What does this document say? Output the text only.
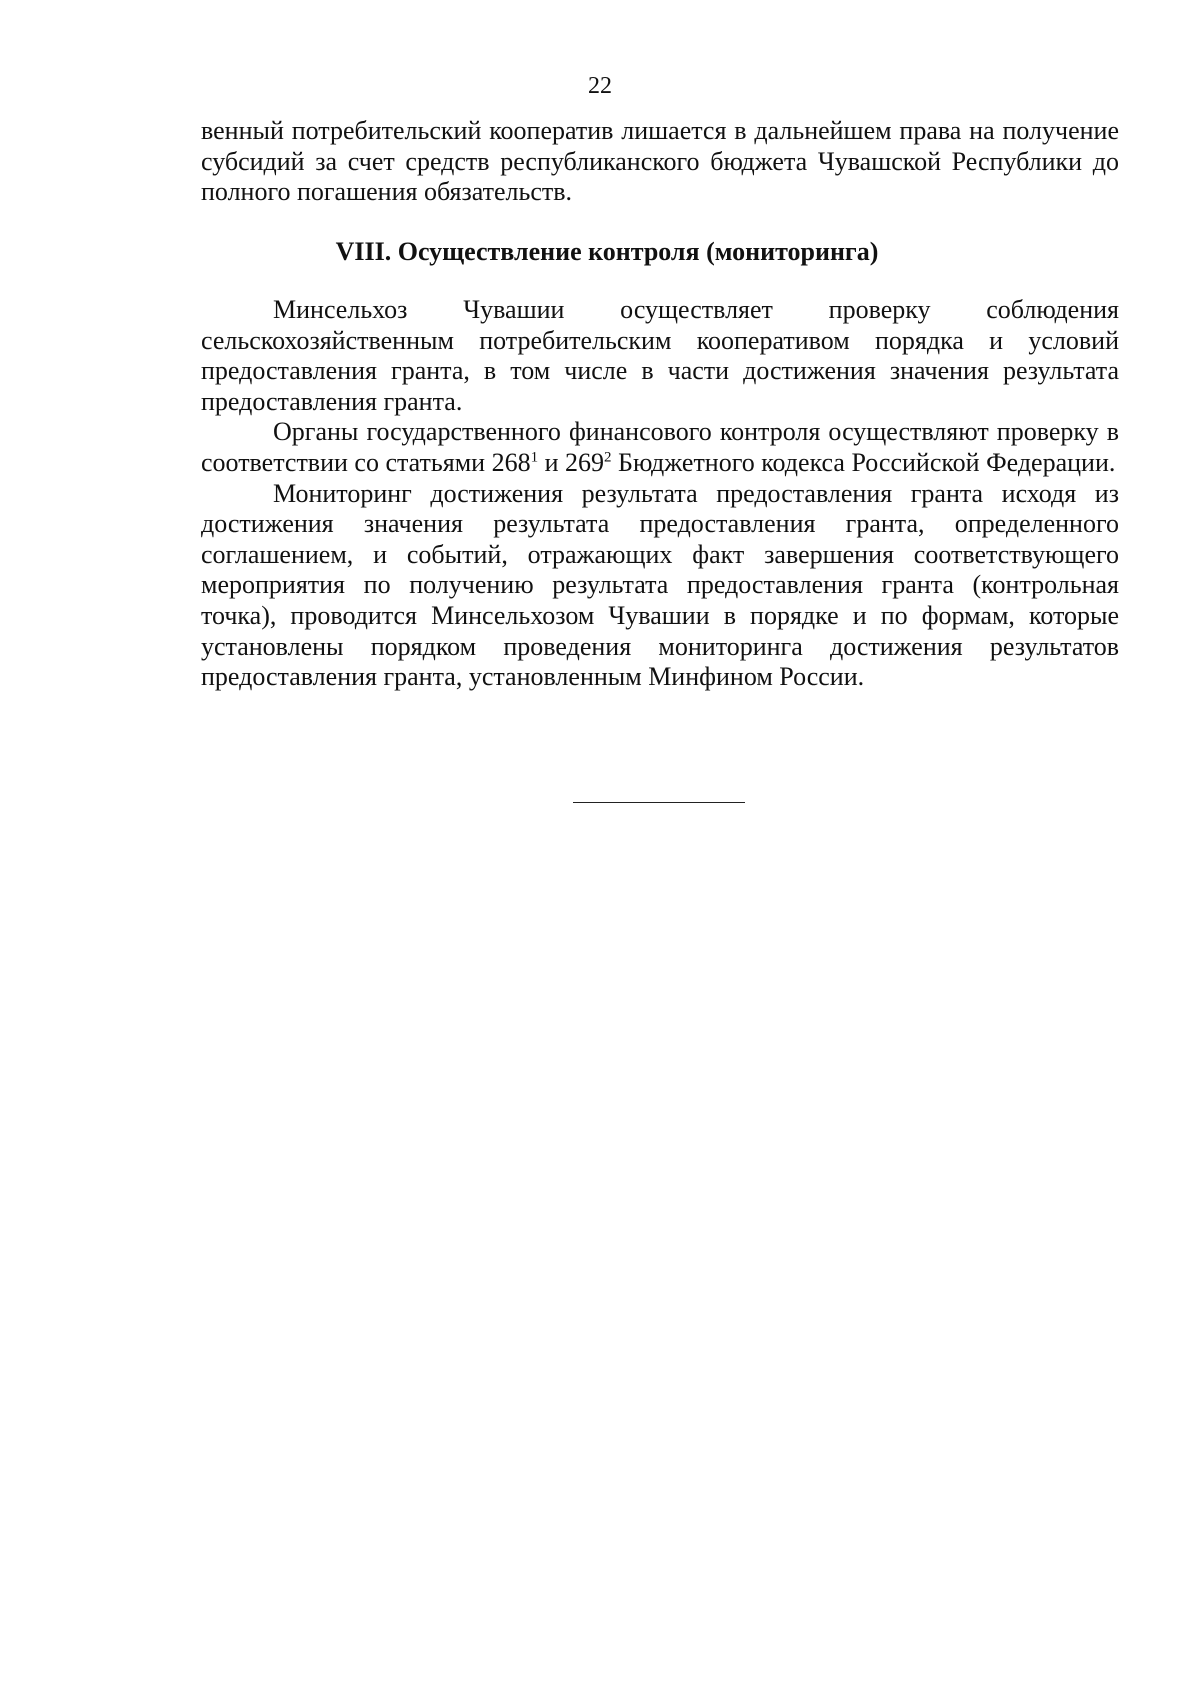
22

венный потребительский кооператив лишается в дальнейшем права на получение субсидий за счет средств республиканского бюджета Чувашской Республики до полного погашения обязательств.

VIII. Осуществление контроля (мониторинга)

Минсельхоз Чувашии осуществляет проверку соблюдения сельскохозяйственным потребительским кооперативом порядка и условий предоставления гранта, в том числе в части достижения значения результата предоставления гранта.

Органы государственного финансового контроля осуществляют проверку в соответствии со статьями $268^1$ и $269^2$ Бюджетного кодекса Российской Федерации.

Мониторинг достижения результата предоставления гранта исходя из достижения значения результата предоставления гранта, определенного соглашением, и событий, отражающих факт завершения соответствующего мероприятия по получению результата предоставления гранта (контрольная точка), проводится Минсельхозом Чувашии в порядке и по формам, которые установлены порядком проведения мониторинга достижения результатов предоставления гранта, установленным Минфином России.
